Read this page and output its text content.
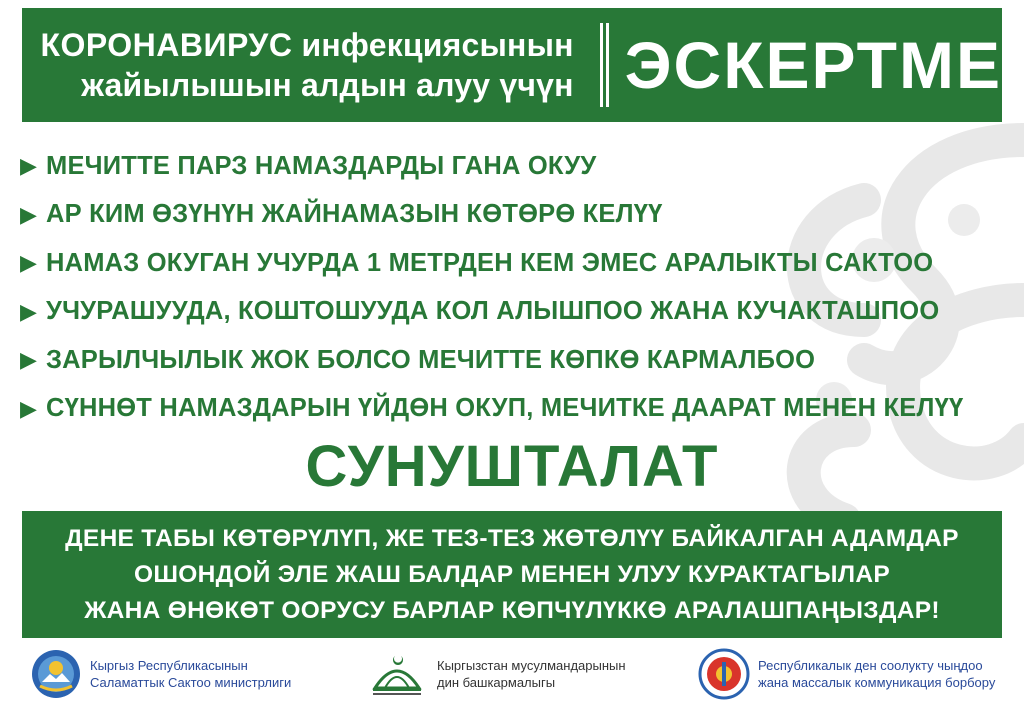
КОРОНАВИРУС инфекциясынын
жайылышын алдын алуу үчүн ЭСКЕРТМЕ
▶ МЕЧИТТЕ ПАРЗ НАМАЗДАРДЫ ГАНА ОКУУ
▶ АР КИМ ӨЗҮНҮН ЖАЙНАМАЗЫН КӨТӨРӨ КЕЛҮҮ
▶ НАМАЗ ОКУГАН УЧУРДА 1 МЕТРДЕН КЕМ ЭМЕС АРАЛЫКТЫ САКТОО
▶ УЧУРАШУУДА, КОШТОШУУДА КОЛ АЛЫШПОО ЖАНА КУЧАКТАШПОО
▶ ЗАРЫЛЧЫЛЫК ЖОК БОЛСО МЕЧИТТЕ КӨПКӨ КАРМАЛБОО
▶ СҮННӨТ НАМАЗДАРЫН ҮЙДӨН ОКУП, МЕЧИТКЕ ДААРАТ МЕНЕН КЕЛҮҮ
СУНУШТАЛАТ
ДЕНЕ ТАБЫ КӨТӨРҮЛҮП, ЖЕ ТЕЗ-ТЕЗ ЖӨТӨЛҮҮ БАЙКАЛГАН АДАМДАР
ОШОНДОЙ ЭЛЕ ЖАШ БАЛДАР МЕНЕН УЛУУ КУРАКТАГЫЛАР
ЖАНА ӨНӨКӨТ ООРУСУ БАРЛАР КӨПЧҮЛҮККӨ АРАЛАШПАҢЫЗДАР!
Кыргыз Республикасынын
Саламаттык Сактоо министрлиги
Кыргызстан мусулмандарынын
дин башкармалыгы
Республикалык ден соолукту чыңдоо
жана массалык коммуникация борбору
